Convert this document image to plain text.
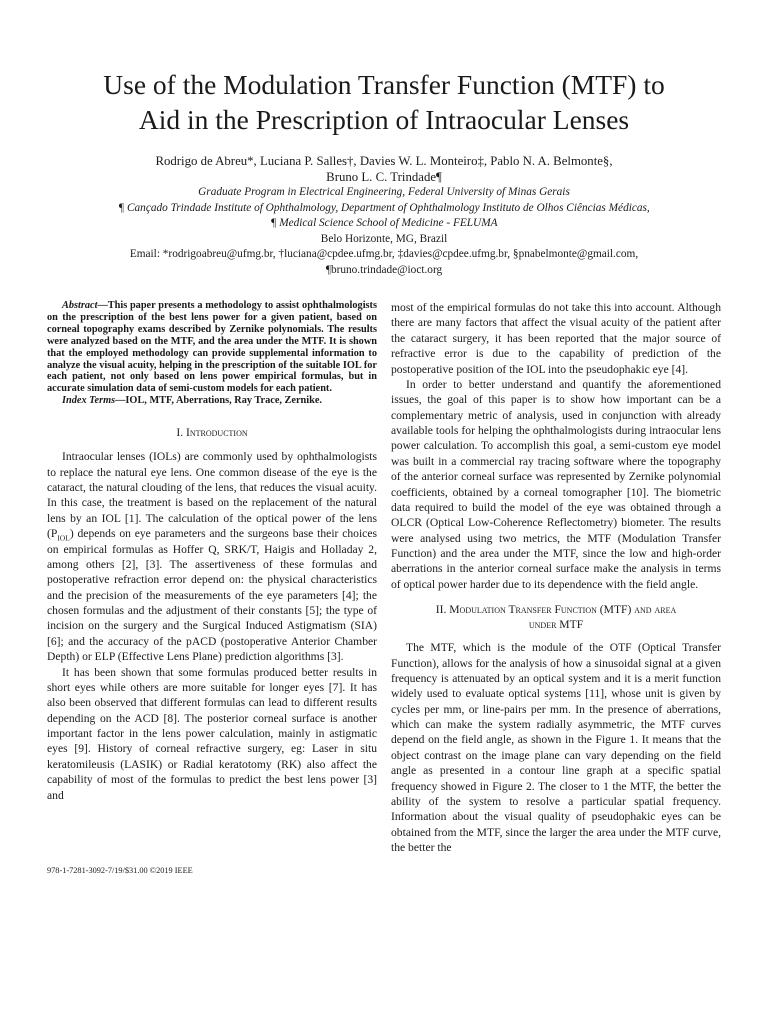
Use of the Modulation Transfer Function (MTF) to
Aid in the Prescription of Intraocular Lenses
Rodrigo de Abreu*, Luciana P. Salles†, Davies W. L. Monteiro‡, Pablo N. A. Belmonte§,
Bruno L. C. Trindade¶
Graduate Program in Electrical Engineering, Federal University of Minas Gerais
¶ Cançado Trindade Institute of Ophthalmology, Department of Ophthalmology Instituto de Olhos Ciências Médicas,
¶ Medical Science School of Medicine - FELUMA
Belo Horizonte, MG, Brazil
Email: *rodrigoabreu@ufmg.br, †luciana@cpdee.ufmg.br, ‡davies@cpdee.ufmg.br, §pnabelmonte@gmail.com,
¶bruno.trindade@ioct.org

Abstract—This paper presents a methodology to assist ophthalmologists on the prescription of the best lens power for a given patient, based on corneal topography exams described by Zernike polynomials. The results were analyzed based on the MTF, and the area under the MTF. It is shown that the employed methodology can provide supplemental information to analyze the visual acuity, helping in the prescription of the suitable IOL for each patient, not only based on lens power empirical formulas, but in accurate simulation data of semi-custom models for each patient.

Index Terms—IOL, MTF, Aberrations, Ray Trace, Zernike.

I. Introduction

Intraocular lenses (IOLs) are commonly used by ophthalmologists to replace the natural eye lens. One common disease of the eye is the cataract, the natural clouding of the lens, that reduces the visual acuity. In this case, the treatment is based on the replacement of the natural lens by an IOL [1]. The calculation of the optical power of the lens $(P_{IOL})$ depends on eye parameters and the surgeons base their choices on empirical formulas as Hoffer Q, SRK/T, Haigis and Holladay 2, among others [2], [3]. The assertiveness of these formulas and postoperative refraction error depend on: the physical characteristics and the precision of the measurements of the eye parameters [4]; the chosen formulas and the adjustment of their constants [5]; the type of incision on the surgery and the Surgical Induced Astigmatism (SIA) [6]; and the accuracy of the pACD (postoperative Anterior Chamber Depth) or ELP (Effective Lens Plane) prediction algorithms [3].

It has been shown that some formulas produced better results in short eyes while others are more suitable for longer eyes [7]. It has also been observed that different formulas can lead to different results depending on the ACD [8]. The posterior corneal surface is another important factor in the lens power calculation, mainly in astigmatic eyes [9]. History of corneal refractive surgery, eg: Laser in situ keratomileusis (LASIK) or Radial keratotomy (RK) also affect the capability of most of the formulas to predict the best lens power [3] and

most of the empirical formulas do not take this into account. Although there are many factors that affect the visual acuity of the patient after the cataract surgery, it has been reported that the major source of refractive error is due to the capability of prediction of the postoperative position of the IOL into the pseudophakic eye [4].

In order to better understand and quantify the aforementioned issues, the goal of this paper is to show how important can be a complementary metric of analysis, used in conjunction with already available tools for helping the ophthalmologists during intraocular lens power calculation. To accomplish this goal, a semi-custom eye model was built in a commercial ray tracing software where the topography of the anterior corneal surface was represented by Zernike polynomial coefficients, obtained by a corneal tomographer [10]. The biometric data required to build the model of the eye was obtained through a OLCR (Optical Low-Coherence Reflectometry) biometer. The results were analysed using two metrics, the MTF (Modulation Transfer Function) and the area under the MTF, since the low and high-order aberrations in the anterior corneal surface make the analysis in terms of optical power harder due to its dependence with the field angle.

II. Modulation Transfer Function (MTF) and area
under MTF

The MTF, which is the module of the OTF (Optical Transfer Function), allows for the analysis of how a sinusoidal signal at a given frequency is attenuated by an optical system and it is a merit function widely used to evaluate optical systems [11], whose unit is given by cycles per mm, or line-pairs per mm. In the presence of aberrations, which can make the system radially asymmetric, the MTF curves depend on the field angle, as shown in the Figure 1. It means that the object contrast on the image plane can vary depending on the field angle as presented in a contour line graph at a specific spatial frequency showed in Figure 2. The closer to 1 the MTF, the better the ability of the system to resolve a particular spatial frequency. Information about the visual quality of pseudophakic eyes can be obtained from the MTF, since the larger the area under the MTF curve, the better the

978-1-7281-3092-7/19/$31.00 ©2019 IEEE
